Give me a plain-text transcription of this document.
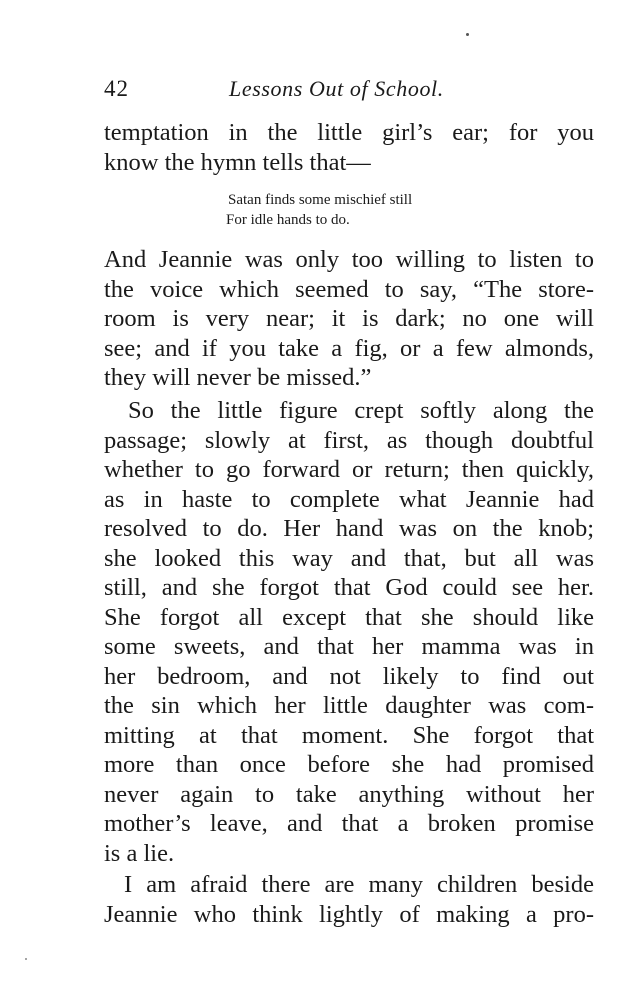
42	Lessons Out of School.
temptation in the little girl’s ear; for you
know the hymn tells that—
Satan finds some mischief still
For idle hands to do.
And Jeannie was only too willing to listen to
the voice which seemed to say, “The store-
room is very near; it is dark; no one will
see; and if you take a fig, or a few almonds,
they will never be missed.”
So the little figure crept softly along the
passage; slowly at first, as though doubtful
whether to go forward or return; then quickly,
as in haste to complete what Jeannie had
resolved to do. Her hand was on the knob;
she looked this way and that, but all was
still, and she forgot that God could see her.
She forgot all except that she should like
some sweets, and that her mamma was in
her bedroom, and not likely to find out
the sin which her little daughter was com-
mitting at that moment. She forgot that
more than once before she had promised
never again to take anything without her
mother’s leave, and that a broken promise
is a lie.
I am afraid there are many children beside
Jeannie who think lightly of making a pro-
